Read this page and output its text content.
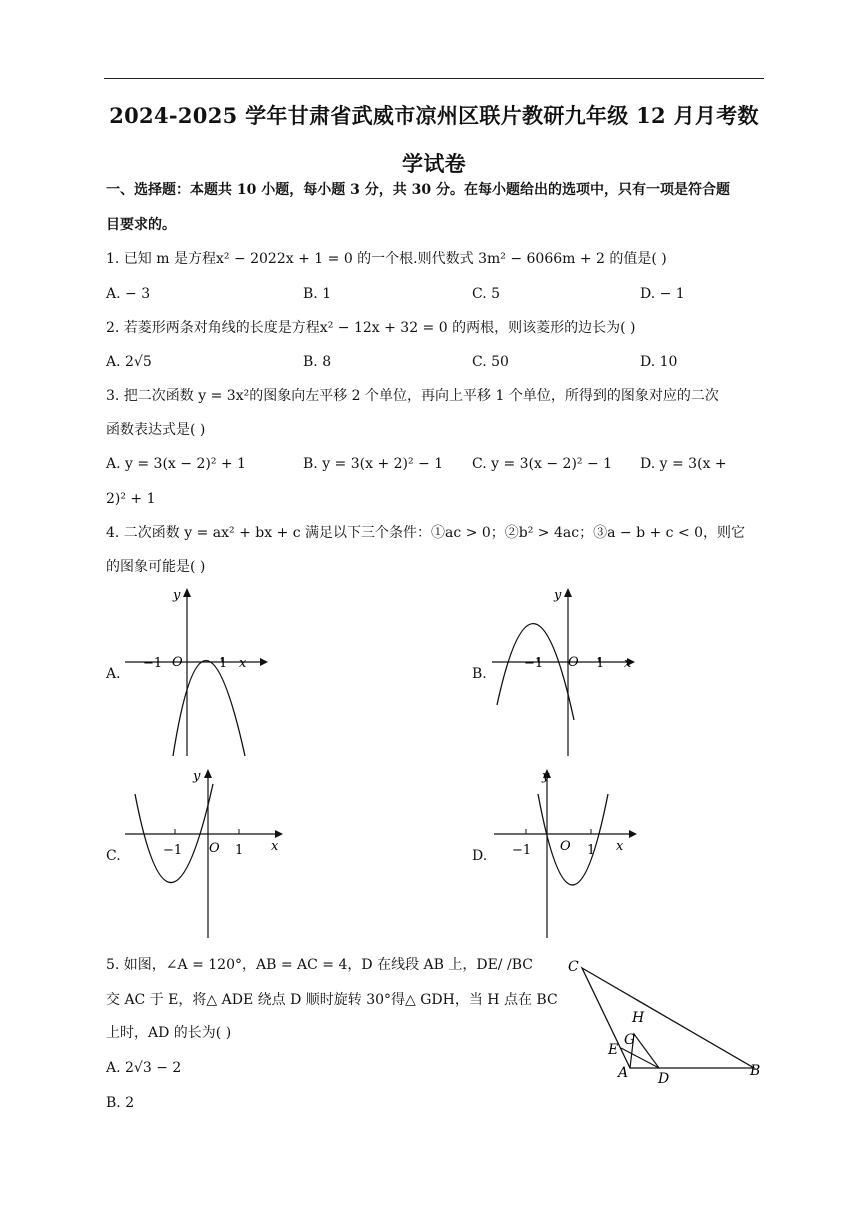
2024-2025 学年甘肃省武威市凉州区联片教研九年级 12 月月考数
学试卷
一、选择题：本题共 10 小题，每小题 3 分，共 30 分。在每小题给出的选项中，只有一项是符合题
目要求的。
1. 已知 m 是方程x² − 2022x + 1 = 0 的一个根.则代数式 3m² − 6066m + 2 的值是( )
A. − 3	B. 1	C. 5	D. − 1
2. 若菱形两条对角线的长度是方程x² − 12x + 32 = 0 的两根，则该菱形的边长为( )
A. 2√5	B. 8	C. 50	D. 10
3. 把二次函数 y = 3x²的图象向左平移 2 个单位，再向上平移 1 个单位，所得到的图象对应的二次
函数表达式是( )
A. y = 3(x − 2)² + 1	B. y = 3(x + 2)² − 1 C. y = 3(x − 2)² − 1 D. y = 3(x +
2)² + 1
4. 二次函数 y = ax² + bx + c 满足以下三个条件：①ac > 0；②b² > 4ac；③a − b + c < 0，则它
的图象可能是( )
A.
y
x
O
−1	1
B.
y
x
O
−1	1
C.
y
x
O
−1	1	D.
y
x
O
−1	1
5. 如图，∠A = 120°，AB = AC = 4，D 在线段 AB 上，DE/ /BC
交 AC 于 E，将△ ADE 绕点 D 顺时旋转 30°得△ GDH，当 H 点在 BC
上时，AD 的长为( )
A. 2√3 − 2
B. 2
C
H
G
E
A D	B
